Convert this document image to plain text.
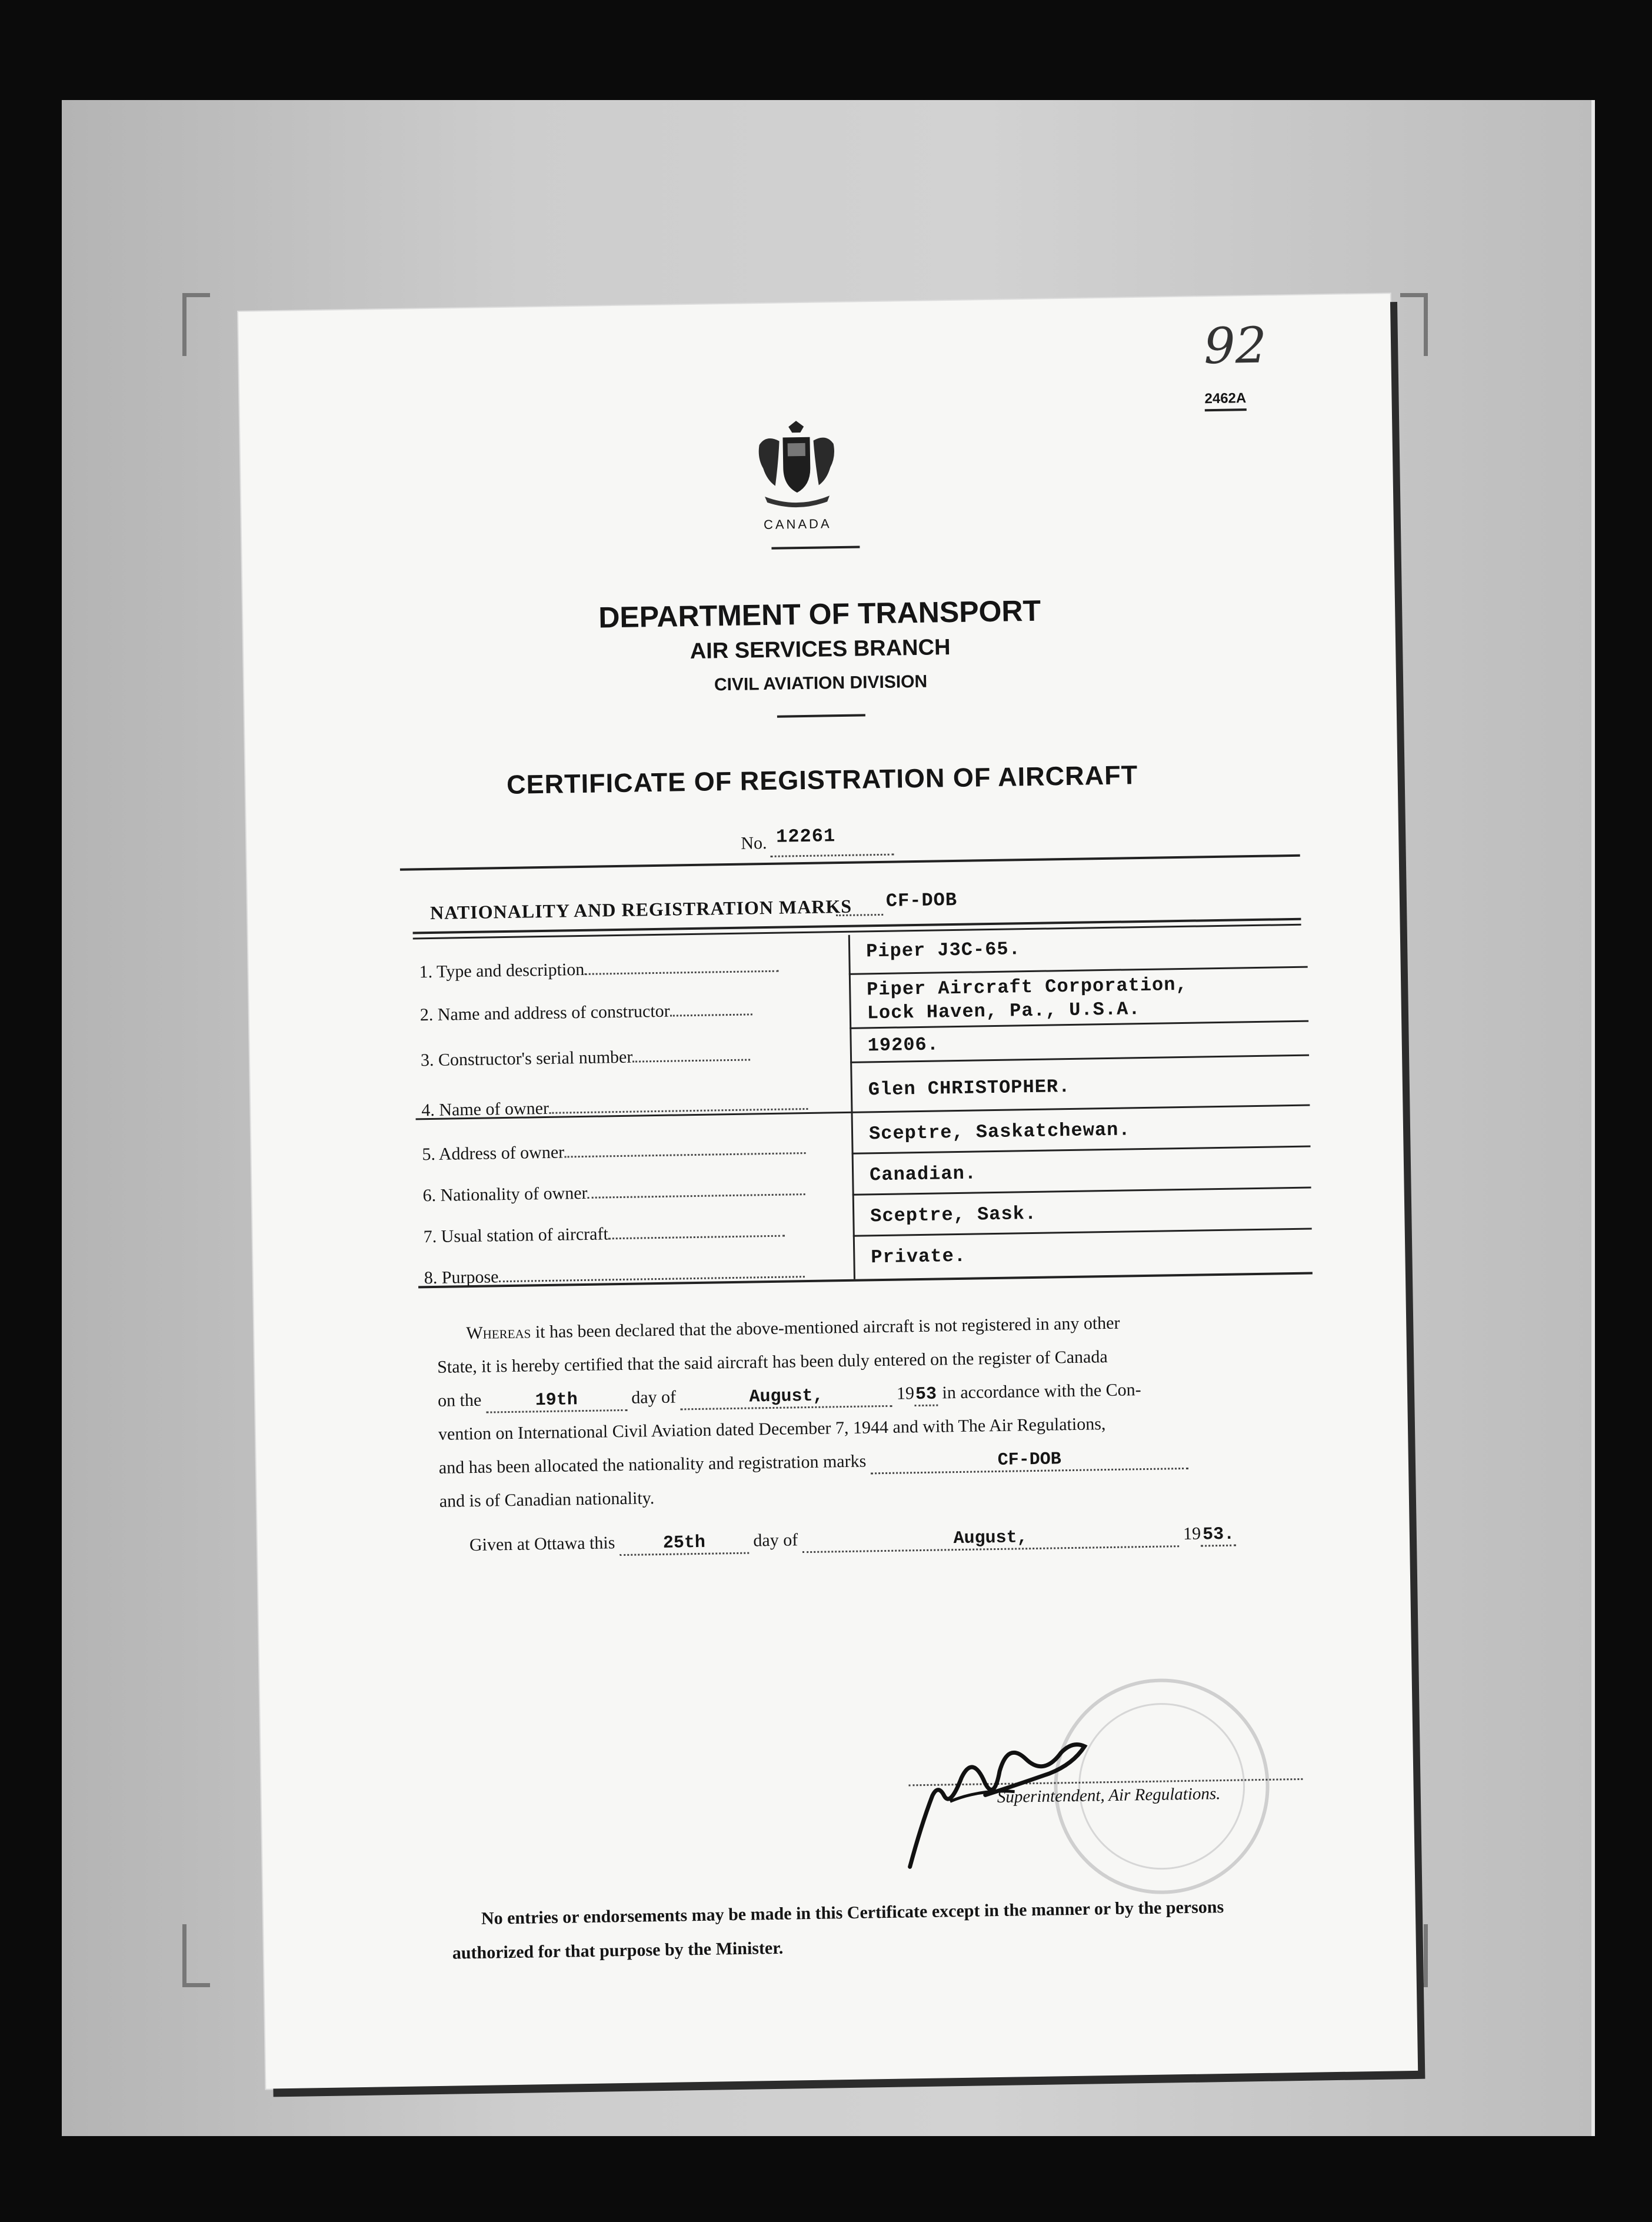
92
2462A
CANADA
DEPARTMENT OF TRANSPORT
AIR SERVICES BRANCH
CIVIL AVIATION DIVISION
CERTIFICATE OF REGISTRATION OF AIRCRAFT
No. 12261
NATIONALITY AND REGISTRATION MARKS CF-DOB
1. Type and description
Piper J3C-65.
2. Name and address of constructor
Piper Aircraft Corporation,
Lock Haven, Pa., U.S.A.
3. Constructor's serial number
19206.
4. Name of owner
Glen CHRISTOPHER.
5. Address of owner
Sceptre, Saskatchewan.
6. Nationality of owner
Canadian.
7. Usual station of aircraft
Sceptre, Sask.
8. Purpose
Private.
Whereas it has been declared that the above-mentioned aircraft is not registered in any other
State, it is hereby certified that the said aircraft has been duly entered on the register of Canada
on the	19th	day of	August,	1953 in accordance with the Con-
vention on International Civil Aviation dated December 7, 1944 and with The Air Regulations,
and has been allocated the nationality and registration marks	CF-DOB
and is of Canadian nationality.
Given at Ottawa this	25th	day of	August,	1953.
Superintendent, Air Regulations.
No entries or endorsements may be made in this Certificate except in the manner or by the persons
authorized for that purpose by the Minister.
